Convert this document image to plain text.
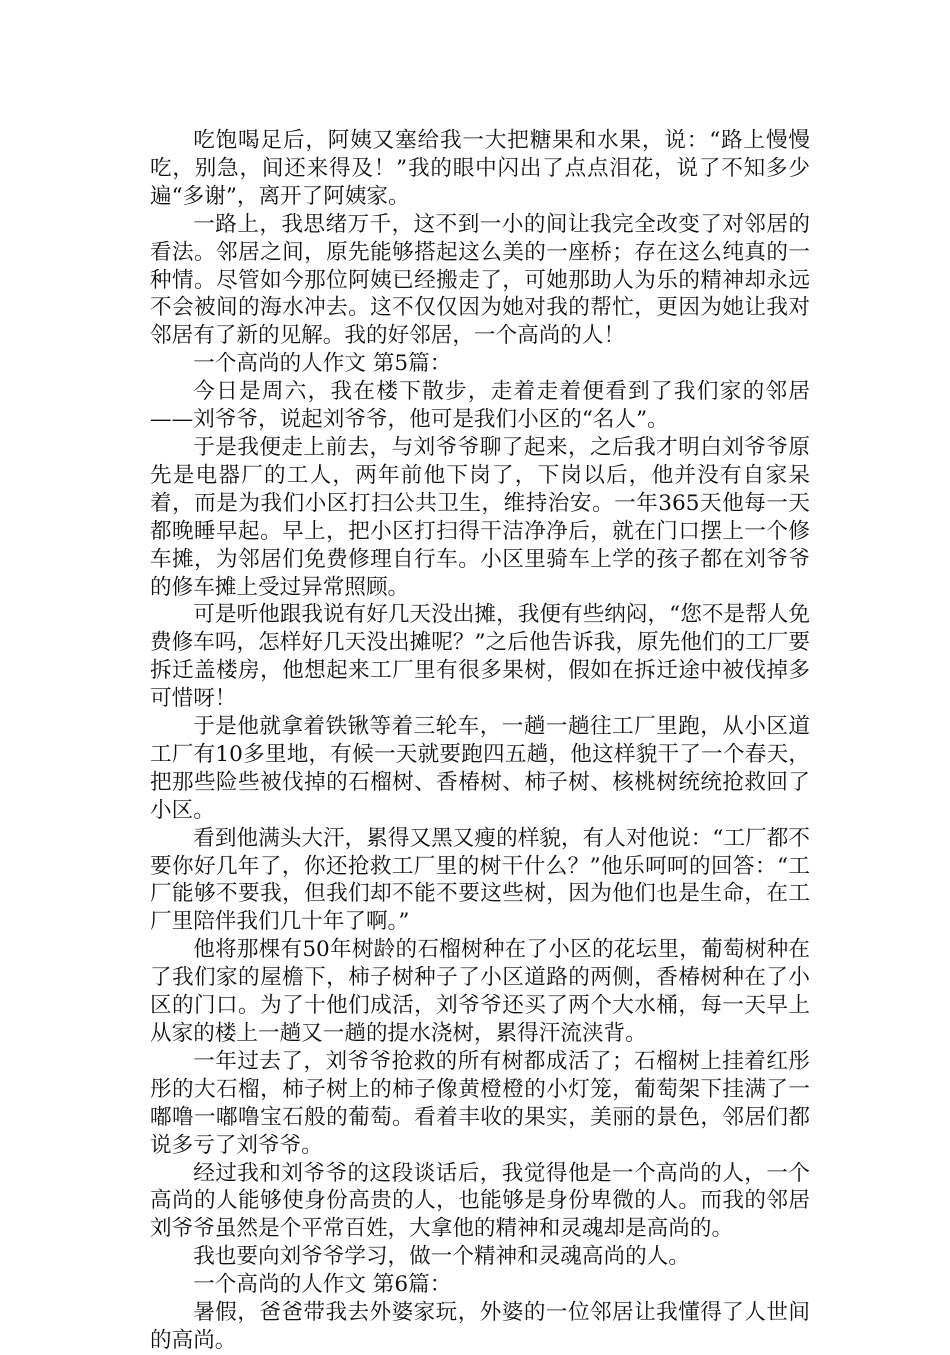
吃饱喝足后，阿姨又塞给我一大把糖果和水果，说：“路上慢慢吃，别急，间还来得及！”我的眼中闪出了点点泪花，说了不知多少遍“多谢”，离开了阿姨家。

一路上，我思绪万千，这不到一小的间让我完全改变了对邻居的看法。邻居之间，原先能够搭起这么美的一座桥；存在这么纯真的一种情。尽管如今那位阿姨已经搬走了，可她那助人为乐的精神却永远不会被间的海水冲去。这不仅仅因为她对我的帮忙，更因为她让我对邻居有了新的见解。我的好邻居，一个高尚的人！

一个高尚的人作文 第5篇：

今日是周六，我在楼下散步，走着走着便看到了我们家的邻居——刘爷爷，说起刘爷爷，他可是我们小区的“名人”。

于是我便走上前去，与刘爷爷聊了起来，之后我才明白刘爷爷原先是电器厂的工人，两年前他下岗了，下岗以后，他并没有自家呆着，而是为我们小区打扫公共卫生，维持治安。一年365天他每一天都晚睡早起。早上，把小区打扫得干洁净净后，就在门口摆上一个修车摊，为邻居们免费修理自行车。小区里骑车上学的孩子都在刘爷爷的修车摊上受过异常照顾。

可是听他跟我说有好几天没出摊，我便有些纳闷，“您不是帮人免费修车吗，怎样好几天没出摊呢？”之后他告诉我，原先他们的工厂要拆迁盖楼房，他想起来工厂里有很多果树，假如在拆迁途中被伐掉多可惜呀！

于是他就拿着铁锹等着三轮车，一趟一趟往工厂里跑，从小区道工厂有10多里地，有候一天就要跑四五趟，他这样貌干了一个春天，把那些险些被伐掉的石榴树、香椿树、柿子树、核桃树统统抢救回了小区。

看到他满头大汗，累得又黑又瘦的样貌，有人对他说：“工厂都不要你好几年了，你还抢救工厂里的树干什么？”他乐呵呵的回答：“工厂能够不要我，但我们却不能不要这些树，因为他们也是生命，在工厂里陪伴我们几十年了啊。”

他将那棵有50年树龄的石榴树种在了小区的花坛里，葡萄树种在了我们家的屋檐下，柿子树种子了小区道路的两侧，香椿树种在了小区的门口。为了十他们成活，刘爷爷还买了两个大水桶，每一天早上从家的楼上一趟又一趟的提水浇树，累得汗流浃背。

一年过去了，刘爷爷抢救的所有树都成活了；石榴树上挂着红彤彤的大石榴，柿子树上的柿子像黄橙橙的小灯笼，葡萄架下挂满了一嘟噜一嘟噜宝石般的葡萄。看着丰收的果实，美丽的景色，邻居们都说多亏了刘爷爷。

经过我和刘爷爷的这段谈话后，我觉得他是一个高尚的人，一个高尚的人能够使身份高贵的人，也能够是身份卑微的人。而我的邻居刘爷爷虽然是个平常百姓，大拿他的精神和灵魂却是高尚的。

我也要向刘爷爷学习，做一个精神和灵魂高尚的人。

一个高尚的人作文 第6篇：

暑假，爸爸带我去外婆家玩，外婆的一位邻居让我懂得了人世间的高尚。
